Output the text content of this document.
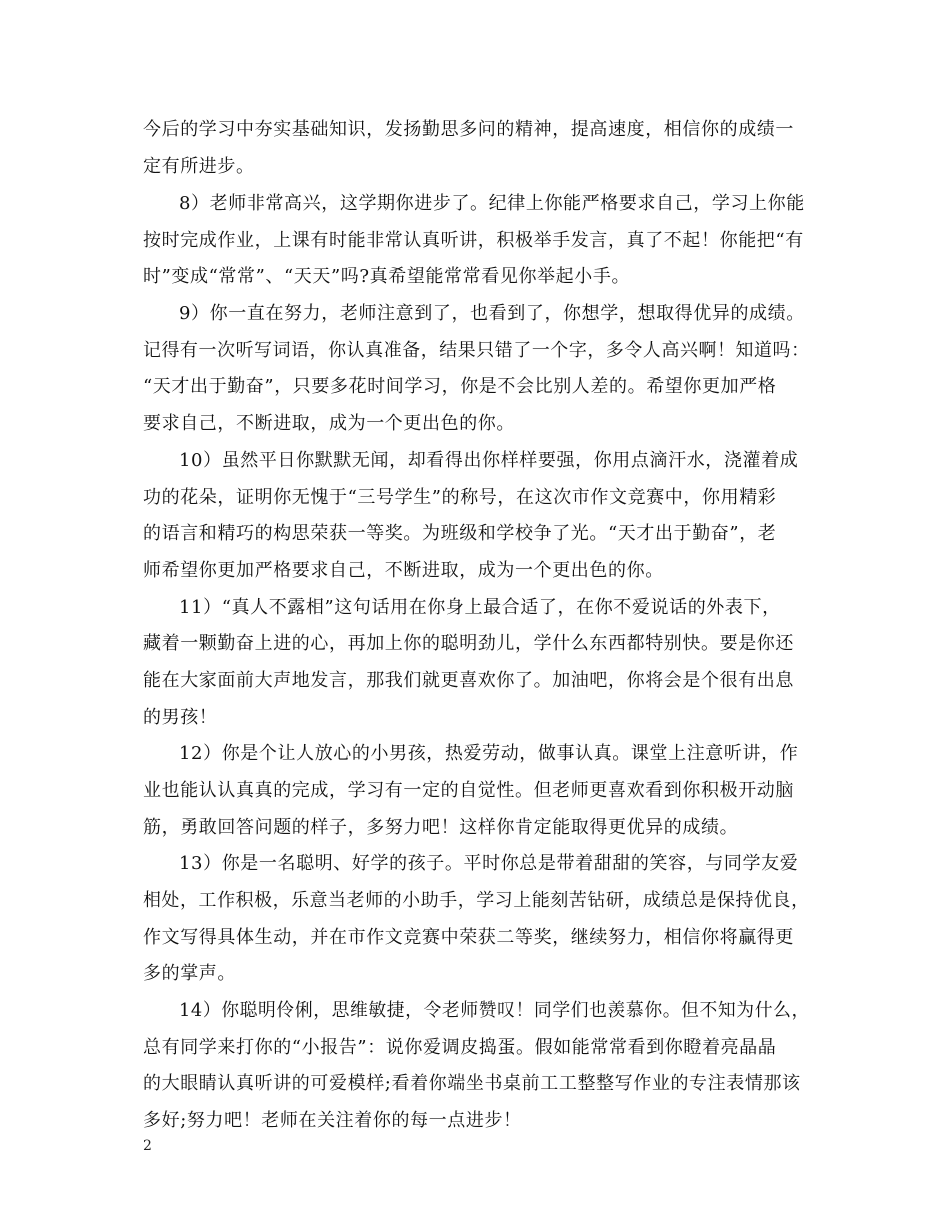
今后的学习中夯实基础知识，发扬勤思多问的精神，提高速度，相信你的成绩一
定有所进步。
8）老师非常高兴，这学期你进步了。纪律上你能严格要求自己，学习上你能
按时完成作业，上课有时能非常认真听讲，积极举手发言，真了不起！你能把“有
时”变成“常常”、“天天”吗?真希望能常常看见你举起小手。
9）你一直在努力，老师注意到了，也看到了，你想学，想取得优异的成绩。
记得有一次听写词语，你认真准备，结果只错了一个字，多令人高兴啊！知道吗：
“天才出于勤奋”，只要多花时间学习，你是不会比别人差的。希望你更加严格
要求自己，不断进取，成为一个更出色的你。
10）虽然平日你默默无闻，却看得出你样样要强，你用点滴汗水，浇灌着成
功的花朵，证明你无愧于“三号学生”的称号，在这次市作文竞赛中，你用精彩
的语言和精巧的构思荣获一等奖。为班级和学校争了光。“天才出于勤奋”，老
师希望你更加严格要求自己，不断进取，成为一个更出色的你。
11）“真人不露相”这句话用在你身上最合适了，在你不爱说话的外表下，
藏着一颗勤奋上进的心，再加上你的聪明劲儿，学什么东西都特别快。要是你还
能在大家面前大声地发言，那我们就更喜欢你了。加油吧，你将会是个很有出息
的男孩！
12）你是个让人放心的小男孩，热爱劳动，做事认真。课堂上注意听讲，作
业也能认认真真的完成，学习有一定的自觉性。但老师更喜欢看到你积极开动脑
筋，勇敢回答问题的样子，多努力吧！这样你肯定能取得更优异的成绩。
13）你是一名聪明、好学的孩子。平时你总是带着甜甜的笑容，与同学友爱
相处，工作积极，乐意当老师的小助手，学习上能刻苦钻研，成绩总是保持优良，
作文写得具体生动，并在市作文竞赛中荣获二等奖，继续努力，相信你将赢得更
多的掌声。
14）你聪明伶俐，思维敏捷，令老师赞叹！同学们也羡慕你。但不知为什么，
总有同学来打你的“小报告”：说你爱调皮捣蛋。假如能常常看到你瞪着亮晶晶
的大眼睛认真听讲的可爱模样;看着你端坐书桌前工工整整写作业的专注表情那该
多好;努力吧！老师在关注着你的每一点进步！
2
